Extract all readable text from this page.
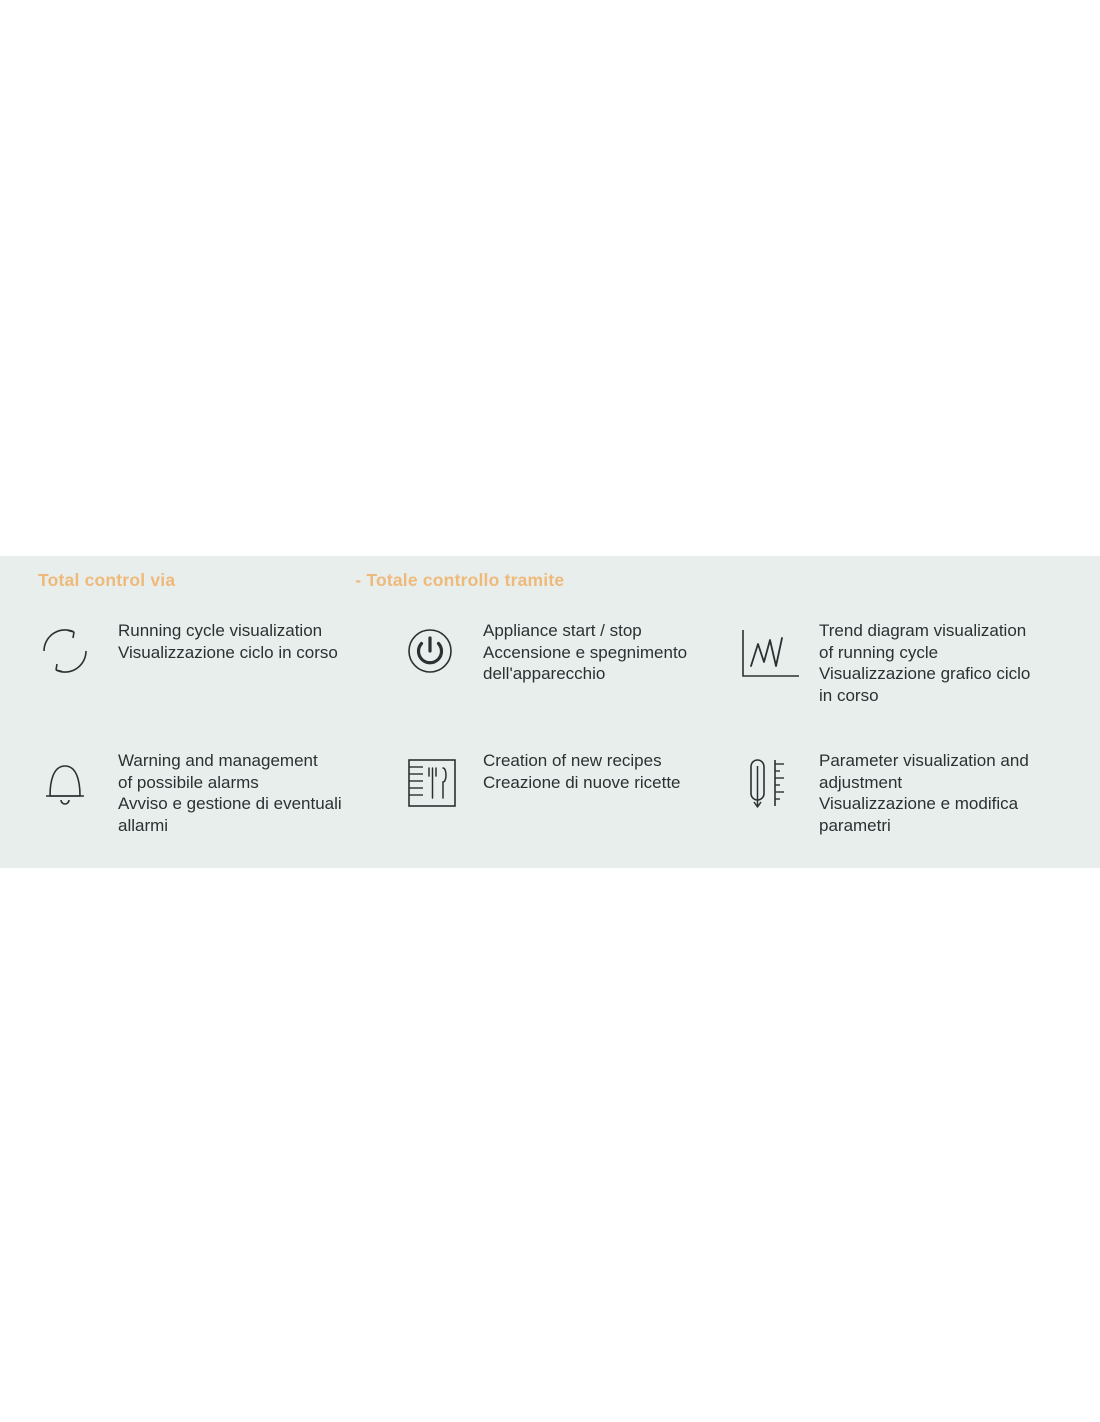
Total control via	- Totale controllo tramite
Running cycle visualization
Visualizzazione ciclo in corso
Appliance start / stop
Accensione e spegnimento
dell'apparecchio
Trend diagram visualization
of running cycle
Visualizzazione grafico ciclo
in corso
Warning and management
of possibile alarms
Avviso e gestione di eventuali
allarmi
Creation of new recipes
Creazione di nuove ricette
Parameter visualization and
adjustment
Visualizzazione e modifica
parametri
